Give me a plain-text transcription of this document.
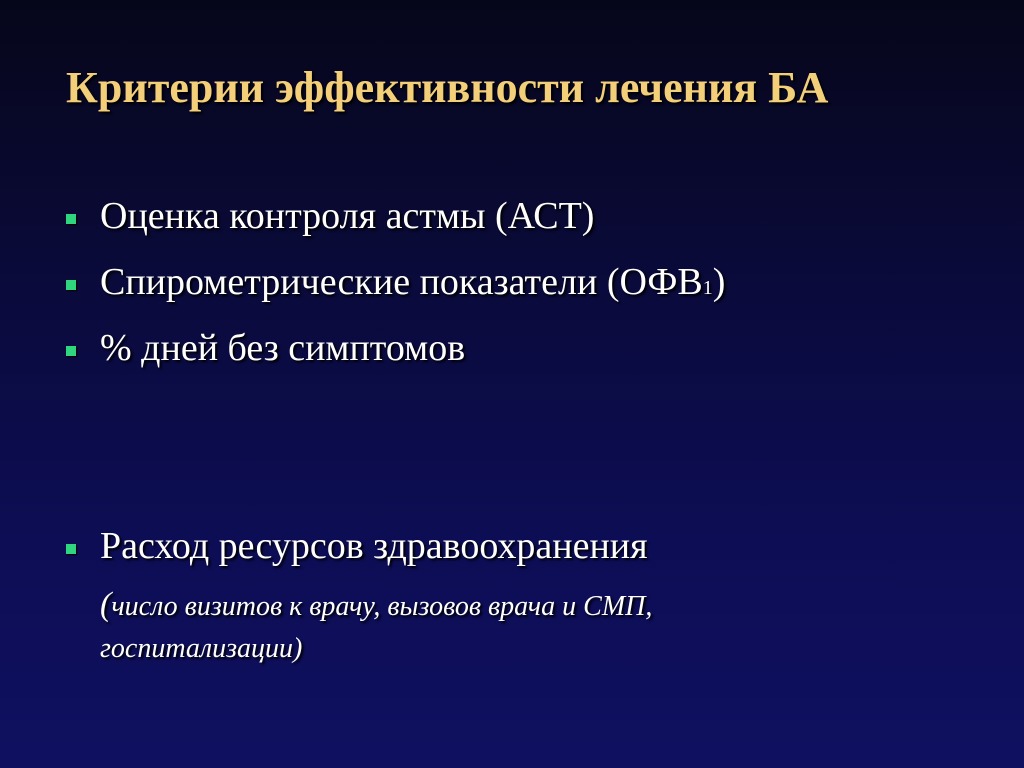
Критерии эффективности лечения БА
Оценка контроля астмы (АСТ)
Спирометрические показатели (ОФВ1)
% дней без симптомов
Расход ресурсов здравоохранения
(число визитов к врачу, вызовов врача и СМП,
госпитализации)
